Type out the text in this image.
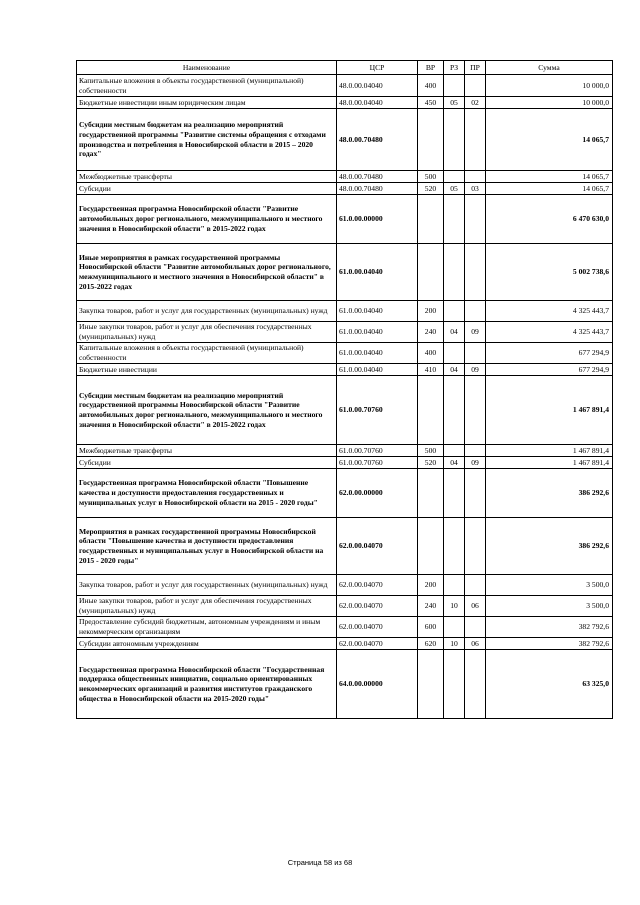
Наименование	ЦСР	ВР	РЗ	ПР	Сумма
Капитальные вложения в объекты государственной (муниципальной) собственности	48.0.00.04040	400			10 000,0
Бюджетные инвестиции иным юридическим лицам	48.0.00.04040	450	05	02	10 000,0
Субсидии местным бюджетам на реализацию мероприятий государственной программы "Развитие системы обращения с отходами производства и потребления в Новосибирской области в 2015 – 2020 годах"	48.0.00.70480				14 065,7
Межбюджетные трансферты	48.0.00.70480	500			14 065,7
Субсидии	48.0.00.70480	520	05	03	14 065,7
Государственная программа Новосибирской области "Развитие автомобильных дорог регионального, межмуниципального и местного значения в Новосибирской области" в 2015-2022 годах	61.0.00.00000				6 470 630,0
Иные мероприятия в рамках государственной программы Новосибирской области "Развитие автомобильных дорог регионального, межмуниципального и местного значения в Новосибирской области" в 2015-2022 годах	61.0.00.04040				5 002 738,6
Закупка товаров, работ и услуг для государственных (муниципальных) нужд	61.0.00.04040	200			4 325 443,7
Иные закупки товаров, работ и услуг для обеспечения государственных (муниципальных) нужд	61.0.00.04040	240	04	09	4 325 443,7
Капитальные вложения в объекты государственной (муниципальной) собственности	61.0.00.04040	400			677 294,9
Бюджетные инвестиции	61.0.00.04040	410	04	09	677 294,9
Субсидии местным бюджетам на реализацию мероприятий государственной программы Новосибирской области "Развитие автомобильных дорог регионального, межмуниципального и местного значения в Новосибирской области" в 2015-2022 годах	61.0.00.70760				1 467 891,4
Межбюджетные трансферты	61.0.00.70760	500			1 467 891,4
Субсидии	61.0.00.70760	520	04	09	1 467 891,4
Государственная программа Новосибирской области "Повышение качества и доступности предоставления государственных и муниципальных услуг в Новосибирской области на 2015 - 2020 годы"	62.0.00.00000				386 292,6
Мероприятия в рамках государственной программы Новосибирской области "Повышение качества и доступности предоставления государственных и муниципальных услуг в Новосибирской области на 2015 - 2020 годы"	62.0.00.04070				386 292,6
Закупка товаров, работ и услуг для государственных (муниципальных) нужд	62.0.00.04070	200			3 500,0
Иные закупки товаров, работ и услуг для обеспечения государственных (муниципальных) нужд	62.0.00.04070	240	10	06	3 500,0
Предоставление субсидий бюджетным, автономным учреждениям и иным некоммерческим организациям	62.0.00.04070	600			382 792,6
Субсидии автономным учреждениям	62.0.00.04070	620	10	06	382 792,6
Государственная программа Новосибирской области "Государственная поддержка общественных инициатив, социально ориентированных некоммерческих организаций и развития институтов гражданского общества в Новосибирской области на 2015-2020 годы"	64.0.00.00000				63 325,0
Страница 58 из 68
